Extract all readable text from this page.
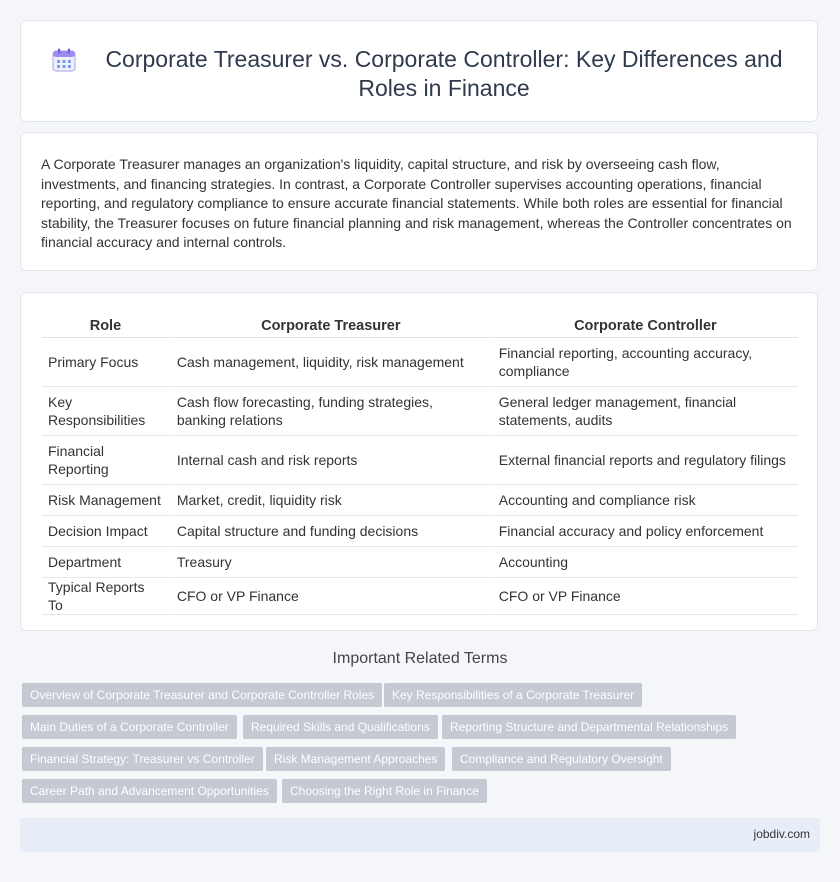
Corporate Treasurer vs. Corporate Controller: Key Differences and Roles in Finance
A Corporate Treasurer manages an organization's liquidity, capital structure, and risk by overseeing cash flow, investments, and financing strategies. In contrast, a Corporate Controller supervises accounting operations, financial reporting, and regulatory compliance to ensure accurate financial statements. While both roles are essential for financial stability, the Treasurer focuses on future financial planning and risk management, whereas the Controller concentrates on financial accuracy and internal controls.
Role	Corporate Treasurer	Corporate Controller
Primary Focus	Cash management, liquidity, risk management	Financial reporting, accounting accuracy, compliance
Key Responsibilities	Cash flow forecasting, funding strategies, banking relations	General ledger management, financial statements, audits
Financial Reporting	Internal cash and risk reports	External financial reports and regulatory filings
Risk Management	Market, credit, liquidity risk	Accounting and compliance risk
Decision Impact	Capital structure and funding decisions	Financial accuracy and policy enforcement
Department	Treasury	Accounting
Typical Reports To	CFO or VP Finance	CFO or VP Finance
Important Related Terms
Overview of Corporate Treasurer and Corporate Controller Roles	Key Responsibilities of a Corporate Treasurer
Main Duties of a Corporate Controller	Required Skills and Qualifications	Reporting Structure and Departmental Relationships
Financial Strategy: Treasurer vs Controller	Risk Management Approaches	Compliance and Regulatory Oversight
Career Path and Advancement Opportunities	Choosing the Right Role in Finance
jobdiv.com
